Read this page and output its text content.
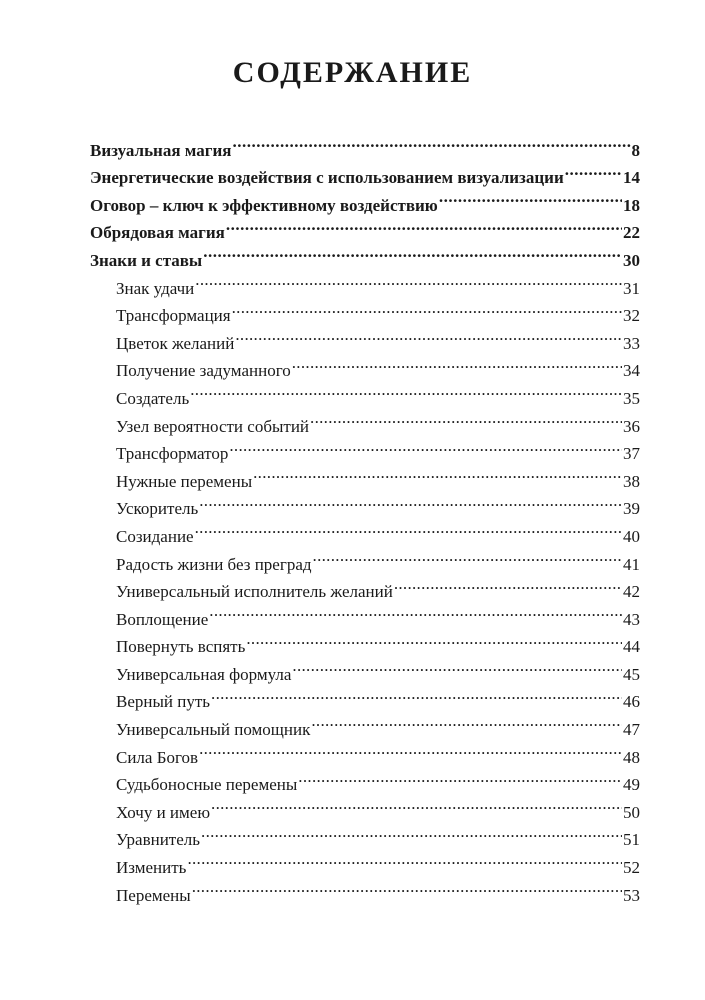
СОДЕРЖАНИЕ
Визуальная магия .....	8
Энергетические воздействия с использованием визуализации .....	14
Оговор – ключ к эффективному воздействию .....	18
Обрядовая магия .....	22
Знаки и ставы .....	30
Знак удачи .....	31
Трансформация .....	32
Цветок желаний .....	33
Получение задуманного .....	34
Создатель .....	35
Узел вероятности событий .....	36
Трансформатор .....	37
Нужные перемены .....	38
Ускоритель .....	39
Созидание .....	40
Радость жизни без преград .....	41
Универсальный исполнитель желаний .....	42
Воплощение .....	43
Повернуть вспять .....	44
Универсальная формула .....	45
Верный путь .....	46
Универсальный помощник .....	47
Сила Богов .....	48
Судьбоносные перемены .....	49
Хочу и имею .....	50
Уравнитель .....	51
Изменить .....	52
Перемены .....	53
